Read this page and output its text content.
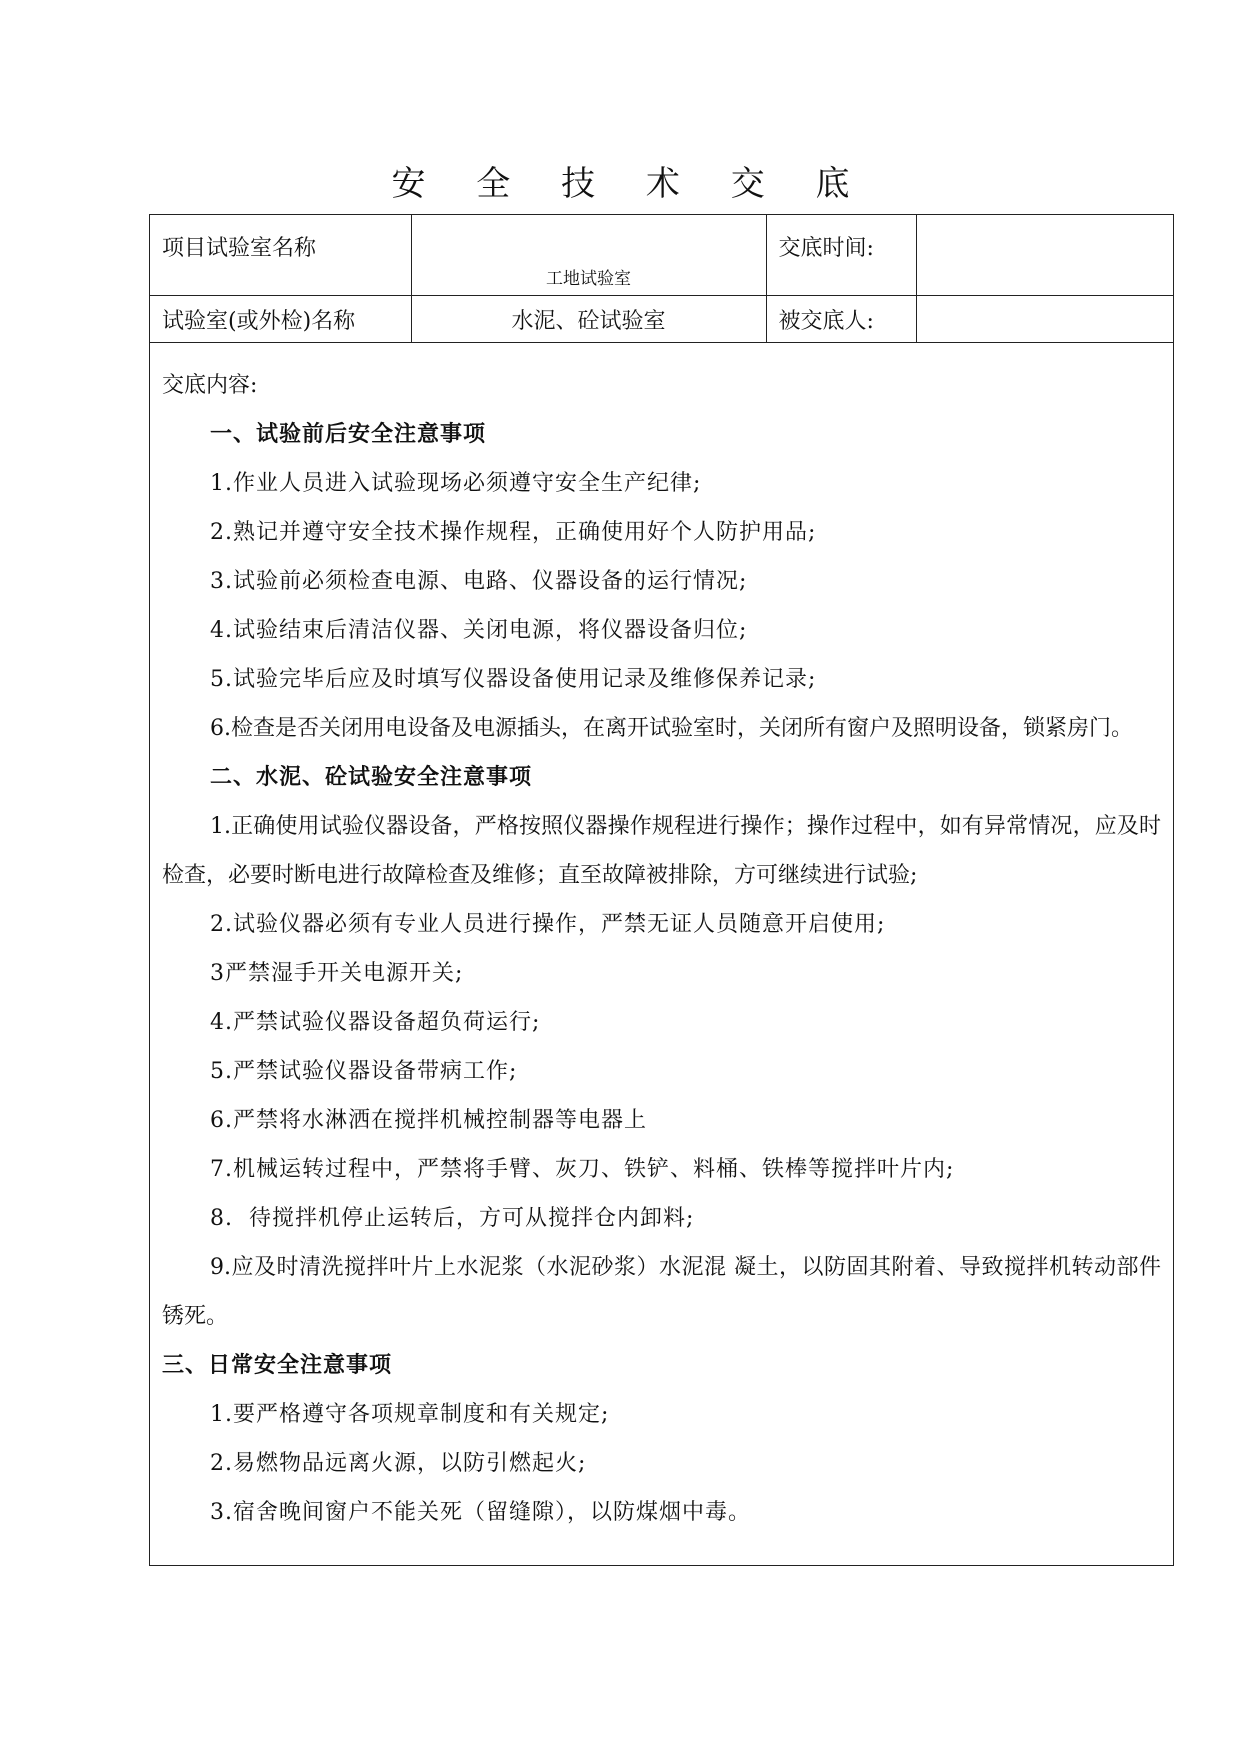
安 全 技 术 交 底
项目试验室名称	工地试验室	交底时间:	
试验室(或外检)名称	水泥、砼试验室	被交底人:	

交底内容:

一、试验前后安全注意事项

1.作业人员进入试验现场必须遵守安全生产纪律;

2.熟记并遵守安全技术操作规程，正确使用好个人防护用品;

3.试验前必须检查电源、电路、仪器设备的运行情况;

4.试验结束后清洁仪器、关闭电源，将仪器设备归位;

5.试验完毕后应及时填写仪器设备使用记录及维修保养记录;

6.检查是否关闭用电设备及电源插头，在离开试验室时，关闭所有窗户及照明设备，锁紧房门。

二、水泥、砼试验安全注意事项

1.正确使用试验仪器设备，严格按照仪器操作规程进行操作；操作过程中，如有异常情况，应及时检查，必要时断电进行故障检查及维修；直至故障被排除，方可继续进行试验;

2.试验仪器必须有专业人员进行操作，严禁无证人员随意开启使用;

3严禁湿手开关电源开关;

4.严禁试验仪器设备超负荷运行;

5.严禁试验仪器设备带病工作;

6.严禁将水淋洒在搅拌机械控制器等电器上

7.机械运转过程中，严禁将手臂、灰刀、铁铲、料桶、铁棒等搅拌叶片内;

8.  待搅拌机停止运转后，方可从搅拌仓内卸料;

9.应及时清洗搅拌叶片上水泥浆（水泥砂浆）水泥混 凝土，以防固其附着、导致搅拌机转动部件锈死。

三、日常安全注意事项

1.要严格遵守各项规章制度和有关规定;

2.易燃物品远离火源，以防引燃起火;

3.宿舍晚间窗户不能关死（留缝隙），以防煤烟中毒。
